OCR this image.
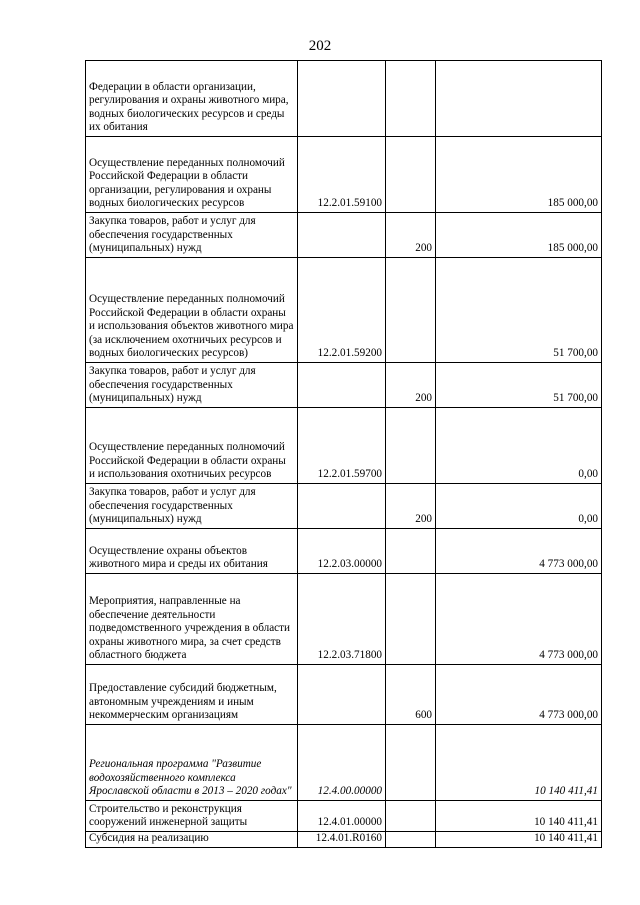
202
Федерации в области организации, регулирования и охраны животного мира, водных биологических ресурсов и среды их обитания			
Осуществление переданных полномочий Российской Федерации в области организации, регулирования и охраны водных биологических ресурсов	12.2.01.59100		185 000,00
Закупка товаров, работ и услуг для обеспечения государственных (муниципальных) нужд		200	185 000,00
Осуществление переданных полномочий Российской Федерации в области охраны и использования объектов животного мира (за исключением охотничьих ресурсов и водных биологических ресурсов)	12.2.01.59200		51 700,00
Закупка товаров, работ и услуг для обеспечения государственных (муниципальных) нужд		200	51 700,00
Осуществление переданных полномочий Российской Федерации в области охраны и использования охотничьих ресурсов	12.2.01.59700		0,00
Закупка товаров, работ и услуг для обеспечения государственных (муниципальных) нужд		200	0,00
Осуществление охраны объектов животного мира и среды их обитания	12.2.03.00000		4 773 000,00
Мероприятия, направленные на обеспечение деятельности подведомственного учреждения в области охраны животного мира, за счет средств областного бюджета	12.2.03.71800		4 773 000,00
Предоставление субсидий бюджетным, автономным учреждениям и иным некоммерческим организациям		600	4 773 000,00
Региональная программа "Развитие водохозяйственного комплекса Ярославской области в 2013 – 2020 годах"	12.4.00.00000		10 140 411,41
Строительство и реконструкция сооружений инженерной защиты	12.4.01.00000		10 140 411,41
Субсидия на реализацию	12.4.01.R0160		10 140 411,41
